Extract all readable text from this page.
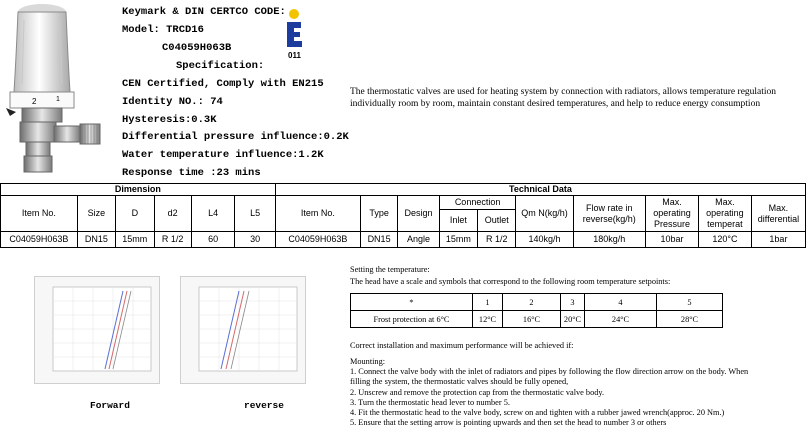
2	1
Keymark & DIN CERTCO CODE:
Model: TRCD16
C04059H063B
Specification:
CEN Certified, Comply with EN215
Identity NO.: 74
Hysteresis:0.3K
Differential pressure influence:0.2K
Water temperature influence:1.2K
Response time :23 mins
011
The thermostatic valves are used for heating system by connection with radiators, allows temperature regulation individually room by room, maintain constant desired temperatures, and help to reduce energy consumption
Dimension						Technical Data									
Item No.	Size	D	d2	L4	L5	Item No.	Type	Design	Connection		Qm N(kg/h)	Flow rate in reverse(kg/h)	Max. operating Pressure	Max. operating temperat	Max. differential
									Inlet	Outlet					
C04059H063B	DN15	15mm	R 1/2	60	30	C04059H063B	DN15	Angle	15mm	R 1/2	140kg/h	180kg/h	10bar	120°C	1bar
Forward	reverse
Setting the temperature:
The head have a scale and symbols that correspond to the following room temperature setpoints:
*	1	2	3	4	5
Frost protection at 6°C	12°C	16°C	20°C	24°C	28°C
Correct installation and maximum performance will be achieved if:
Mounting:
1. Connect the valve body with the inlet of radiators and pipes by following the flow direction arrow on the body. When
filling the system, the thermostatic valves should be fully opened,
2. Unscrew and remove the protection cap from the thermostatic valve body.
3. Turn the thermostatic head lever to number 5.
4. Fit the thermostatic head to the valve body, screw on and tighten with a rubber jawed wrench(approc. 20 Nm.)
5. Ensure that the setting arrow is pointing upwards and then set the head to number 3 or others
